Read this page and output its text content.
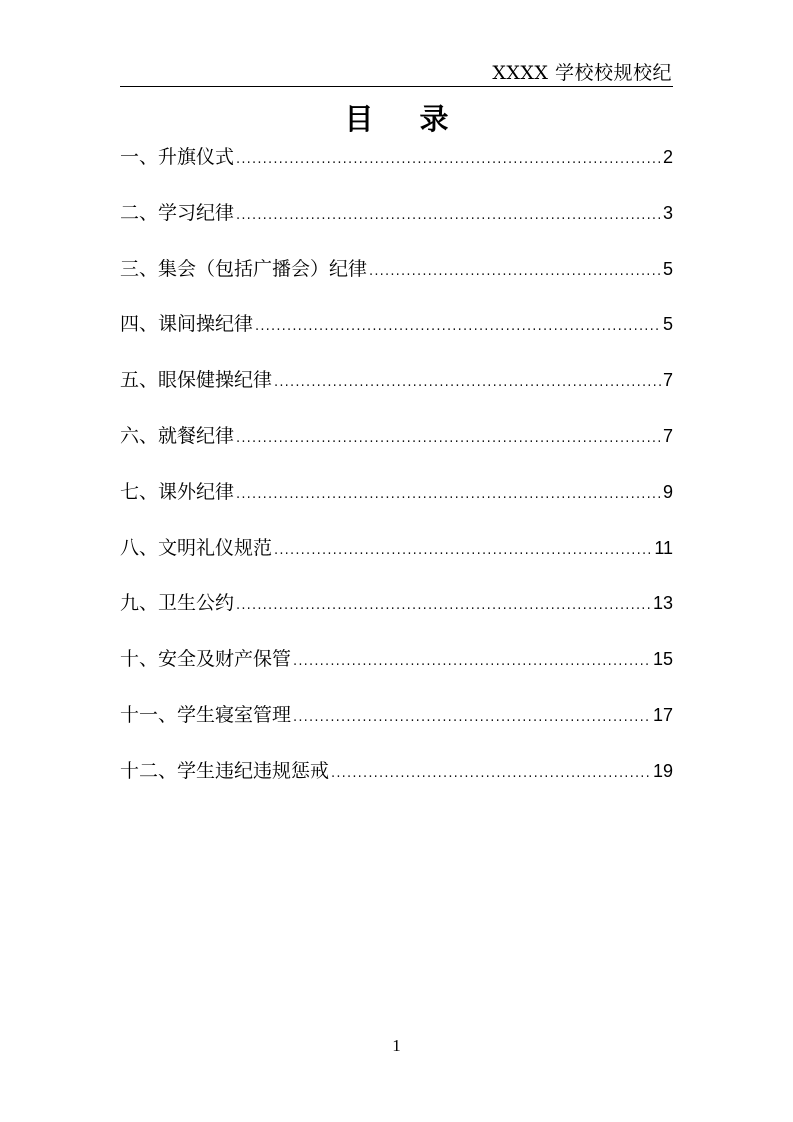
XXXX 学校校规校纪
目 录
一、升旗仪式 .....	2
二、学习纪律 .....	3
三、集会（包括广播会）纪律 .....	5
四、课间操纪律 .....	5
五、眼保健操纪律 .....	7
六、就餐纪律 .....	7
七、课外纪律 .....	9
八、文明礼仪规范 .....	11
九、卫生公约 .....	13
十、安全及财产保管 .....	15
十一、学生寝室管理 .....	17
十二、学生违纪违规惩戒 .....	19
1
